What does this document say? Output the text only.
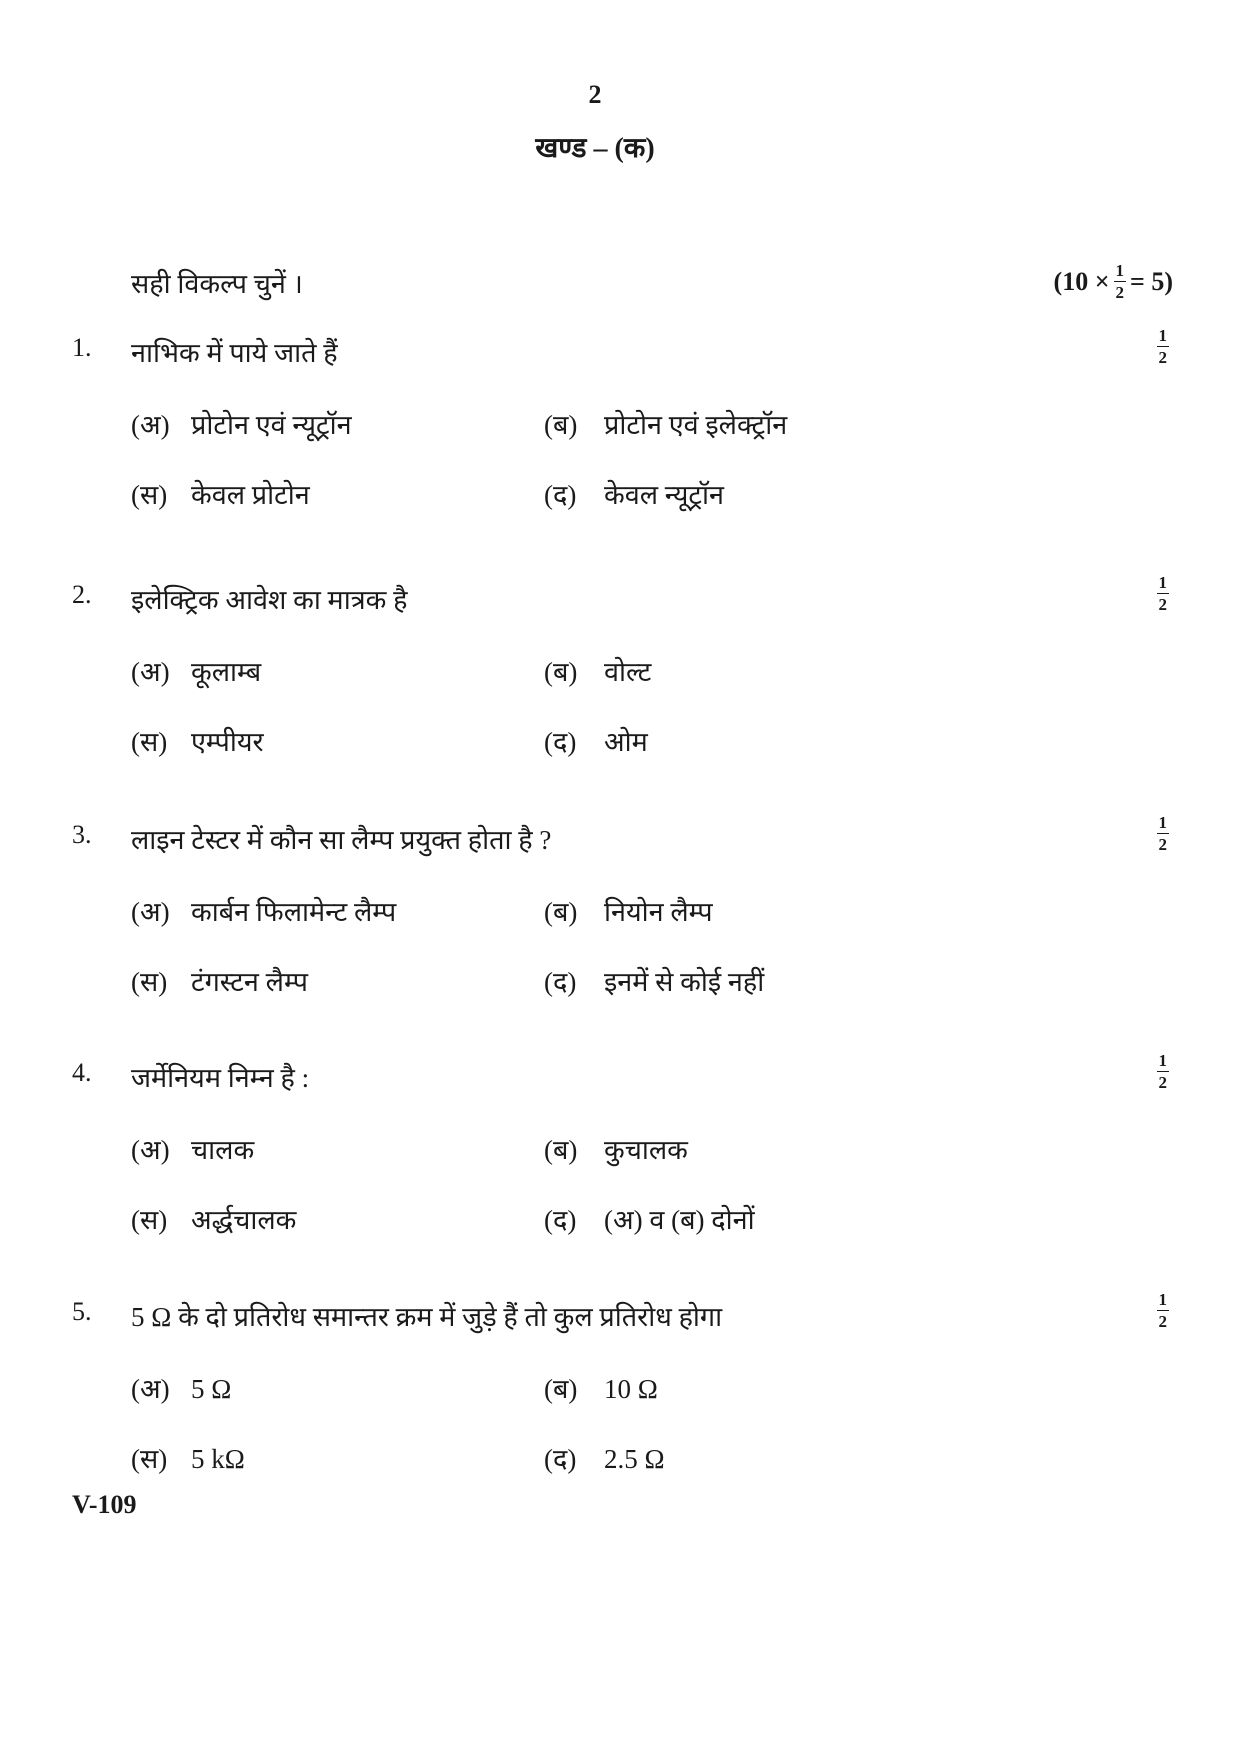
2
खण्ड – (क)
सही विकल्प चुनें ।	$(10 \times \frac{1}{2} = 5)$
1. नाभिक में पाये जाते हैं	$\frac{1}{2}$
(अ) प्रोटोन एवं न्यूट्रॉन	(ब) प्रोटोन एवं इलेक्ट्रॉन
(स) केवल प्रोटोन	(द) केवल न्यूट्रॉन
2. इलेक्ट्रिक आवेश का मात्रक है	$\frac{1}{2}$
(अ) कूलाम्ब	(ब) वोल्ट
(स) एम्पीयर	(द) ओम
3. लाइन टेस्टर में कौन सा लैम्प प्रयुक्त होता है ?	$\frac{1}{2}$
(अ) कार्बन फिलामेन्ट लैम्प	(ब) नियोन लैम्प
(स) टंगस्टन लैम्प	(द) इनमें से कोई नहीं
4. जर्मेनियम निम्न है :	$\frac{1}{2}$
(अ) चालक	(ब) कुचालक
(स) अर्द्धचालक	(द) (अ) व (ब) दोनों
5. 5 Ω के दो प्रतिरोध समान्तर क्रम में जुड़े हैं तो कुल प्रतिरोध होगा	$\frac{1}{2}$
(अ) 5 Ω	(ब) 10 Ω
(स) 5 kΩ	(द) 2.5 Ω
V-109
